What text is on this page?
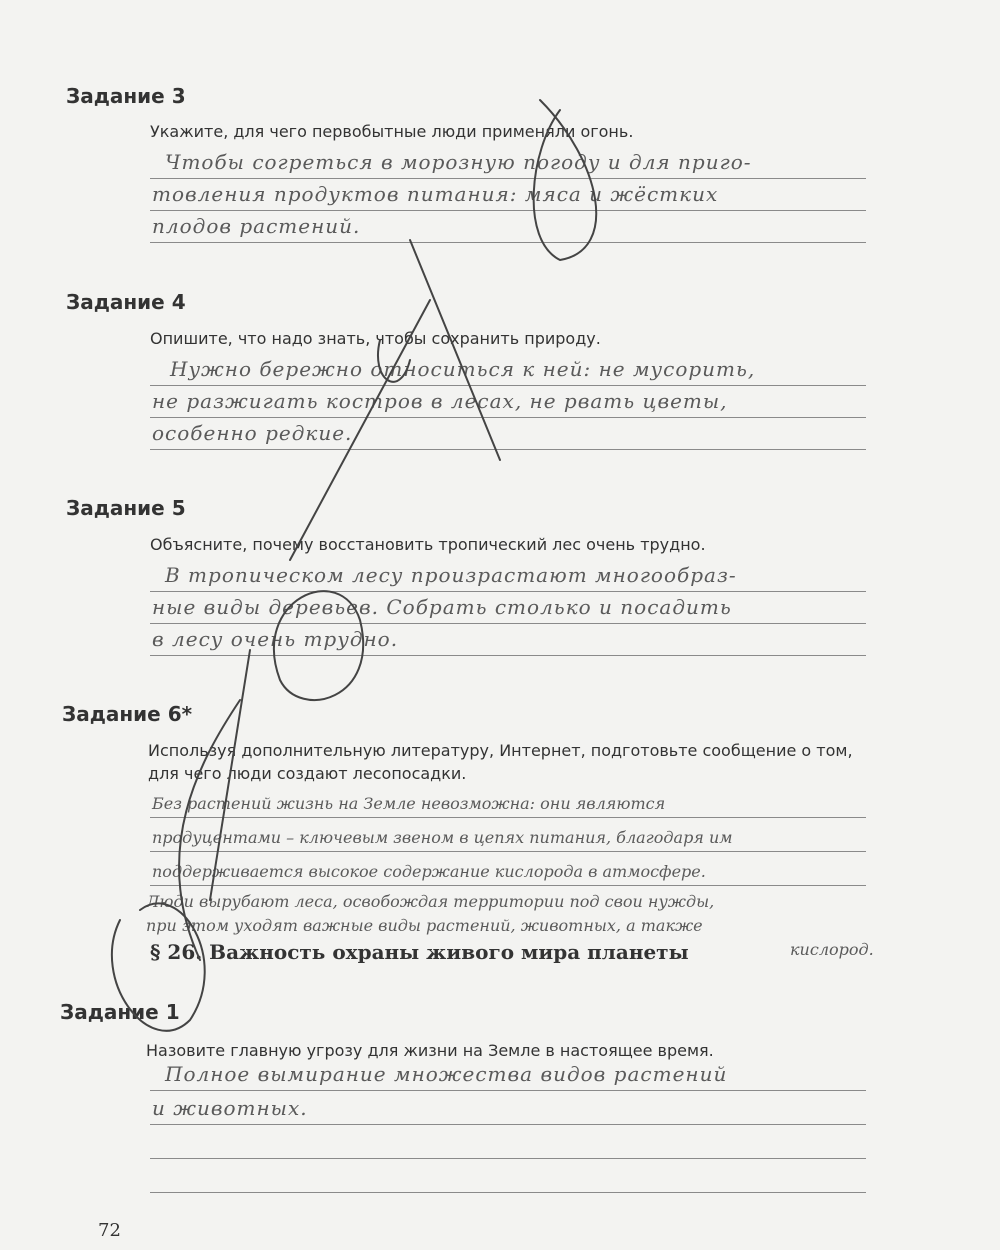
Задание 3
Укажите, для чего первобытные люди применяли огонь.
Чтобы согреться в морозную погоду и для приго-
товления продуктов питания: мяса и жёстких
плодов растений.
Задание 4
Опишите, что надо знать, чтобы сохранить природу.
Нужно бережно относиться к ней: не мусорить,
не разжигать костров в лесах, не рвать цветы,
особенно редкие.
Задание 5
Объясните, почему восстановить тропический лес очень трудно.
В тропическом лесу произрастают многообраз-
ные виды деревьев. Собрать столько и посадить
в лесу очень трудно.
Задание 6*
Используя дополнительную литературу, Интернет, подготовьте сообщение о том, для чего люди создают лесопосадки.
Без растений жизнь на Земле невозможна: они являются
продуцентами – ключевым звеном в цепях питания, благодаря им
поддерживается высокое содержание кислорода в атмосфере.
Люди вырубают леса, освобождая территории под свои нужды,
при этом уходят важные виды растений, животных, а также
кислород.
§ 26. Важность охраны живого мира планеты
Задание 1
Назовите главную угрозу для жизни на Земле в настоящее время.
Полное вымирание множества видов растений
и животных.
72
